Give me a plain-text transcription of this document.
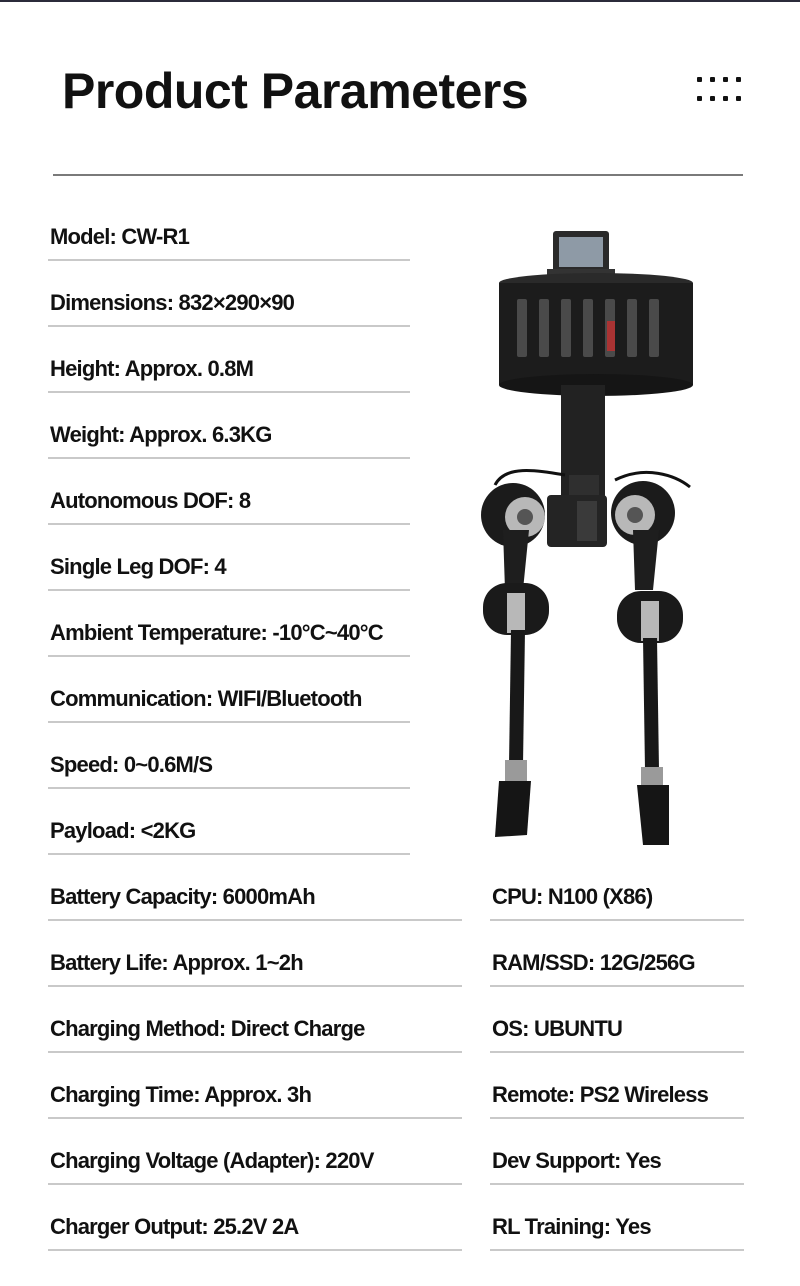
Product Parameters
Model: CW-R1
Dimensions: 832×290×90
Height: Approx. 0.8M
Weight: Approx. 6.3KG
Autonomous DOF: 8
Single Leg DOF: 4
Ambient Temperature: -10°C~40°C
Communication: WIFI/Bluetooth
Speed: 0~0.6M/S
Payload: <2KG
Battery Capacity: 6000mAh
Battery Life: Approx. 1~2h
Charging Method: Direct Charge
Charging Time: Approx. 3h
Charging Voltage (Adapter): 220V
Charger Output: 25.2V 2A
CPU: N100 (X86)
RAM/SSD: 12G/256G
OS: UBUNTU
Remote: PS2 Wireless
Dev Support: Yes
RL Training: Yes
